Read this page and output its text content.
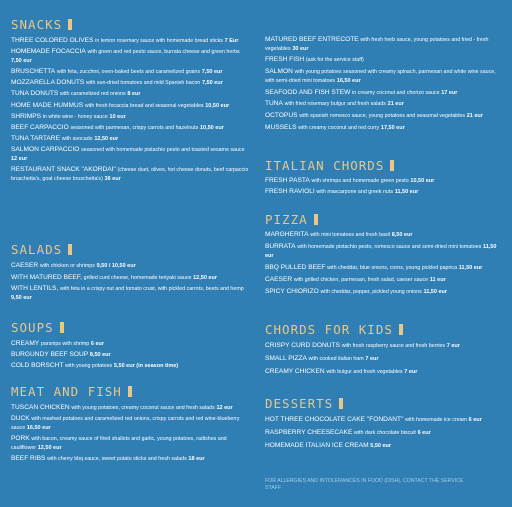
SNACKS
THREE COLORED OLIVES in lemon rosemary sauce with homemade bread sticks 7 Eur
HOMEMADE FOCACCIA with green and red pesto sauce, burrata cheese and green herbs 7,50 eur
BRUSCHETTA with feta, zucchini, oven-baked beets and caramelized grains 7,50 eur
MOZZARELLA DONUTS with sun-dried tomatoes and mild Spanish bacon 7,50 eur
TUNA DONUTS with caramelized red onions 8 eur
HOME MADE HUMMUS with fresh focaccia bread and seasonal vegetables 10,50 eur
SHRIMPS in white wine - honey sauce 10 eur
BEEF CARPACCIO seasoned with parmesan, crispy carrots and hazelnuts 10,50 eur
TUNA TARTARE with avocado 12,50 eur
SALMON CARPACCIO seasoned with homemade pistachio pesto and toasted sesame sauce 12 eur
RESTAURANT SNACK "AKORDAI" (cheese duet, olives, hot cheese donuts, beef carpaccio bruschetta's, goat cheese bruschetta's) 36 eur
SALADS
CAESER with chicken or shrimps 9,50 / 10,50 eur
WITH MATURED BEEF, grilled curd cheese, homemade teriyaki sauce 12,50 eur
WITH LENTILS, with feta in a crispy nut and tomato crust, with pickled carrots, beets and hemp 9,50 eur
SOUPS
CREAMY parsnips with shrimp 6 eur
BURGUNDY BEEF SOUP 8,50 eur
COLD BORSCHT with young potatoes 5,50 eur (in season time)
MEAT AND FISH
TUSCAN CHICKEN with young potatoes, creamy coconut sauce and fresh salads 12 eur
DUCK with mashed potatoes and caramelized red onions, crispy carrots and red wine-blueberry sauce 16,50 eur
PORK with bacon, creamy sauce of fried shallots and garlic, young potatoes, radishes and cauliflower 12,50 eur
BEEF RIBS with cherry bbq sauce, sweet potato sticks and fresh salads 18 eur
MATURED BEEF ENTRECOTE with fresh herb sauce, young potatoes and fried - fresh vegetables 30 eur
FRESH FISH (ask for the service staff)
SALMON with young potatoes seasoned with creamy spinach, parmesan and white wine sauce, with semi-dried mini tomatoes 16,50 eur
SEAFOOD AND FISH STEW in creamy coconut and chorizo sauce 17 eur
TUNA with fried rosemary bulgur and fresh salads 21 eur
OCTOPUS with spanish romesco sauce, young potatoes and seasonal vegetables 21 eur
MUSSELS with creamy coconut and red curry 17,50 eur
ITALIAN CHORDS
FRESH PASTA with shrimps and homemade green pesto 10,50 eur
FRESH RAVIOLI with mascarpone and greek nuts 11,50 eur
PIZZA
MARGHERITA with mini tomatoes and fresh basil 8,50 eur
BURRATA with homemade pistachio pesto, romesco sauce and semi-dried mini tomatoes 11,50 eur
BBQ PULLED BEEF with cheddar, blue onions, corns, young pickled paprica 11,50 eur
CAESER with grilled chicken, parmesan, fresh salad, caeser sauce 11 eur
SPICY CHIORIZO with cheddar, pepper, pickled young onions 11,50 eur
CHORDS FOR KIDS
CRISPY CURD DONUTS with fresh raspberry sauce and fresh berries 7 eur
SMALL PIZZA with cooked italian ham 7 eur
CREAMY CHICKEN with bulgur and fresh vegetables 7 eur
DESSERTS
HOT THREE CHOCOLATE CAKE "FONDANT" with homemade ice cream 6 eur
RASPBERRY CHEESECAKE with dark chocolate biscuit 6 eur
HOMEMADE ITALIAN ICE CREAM 5,50 eur
FOR ALLERGIES AND INTOLERANCES IN FOOD (DISH), CONTACT THE SERVICE STAFF
